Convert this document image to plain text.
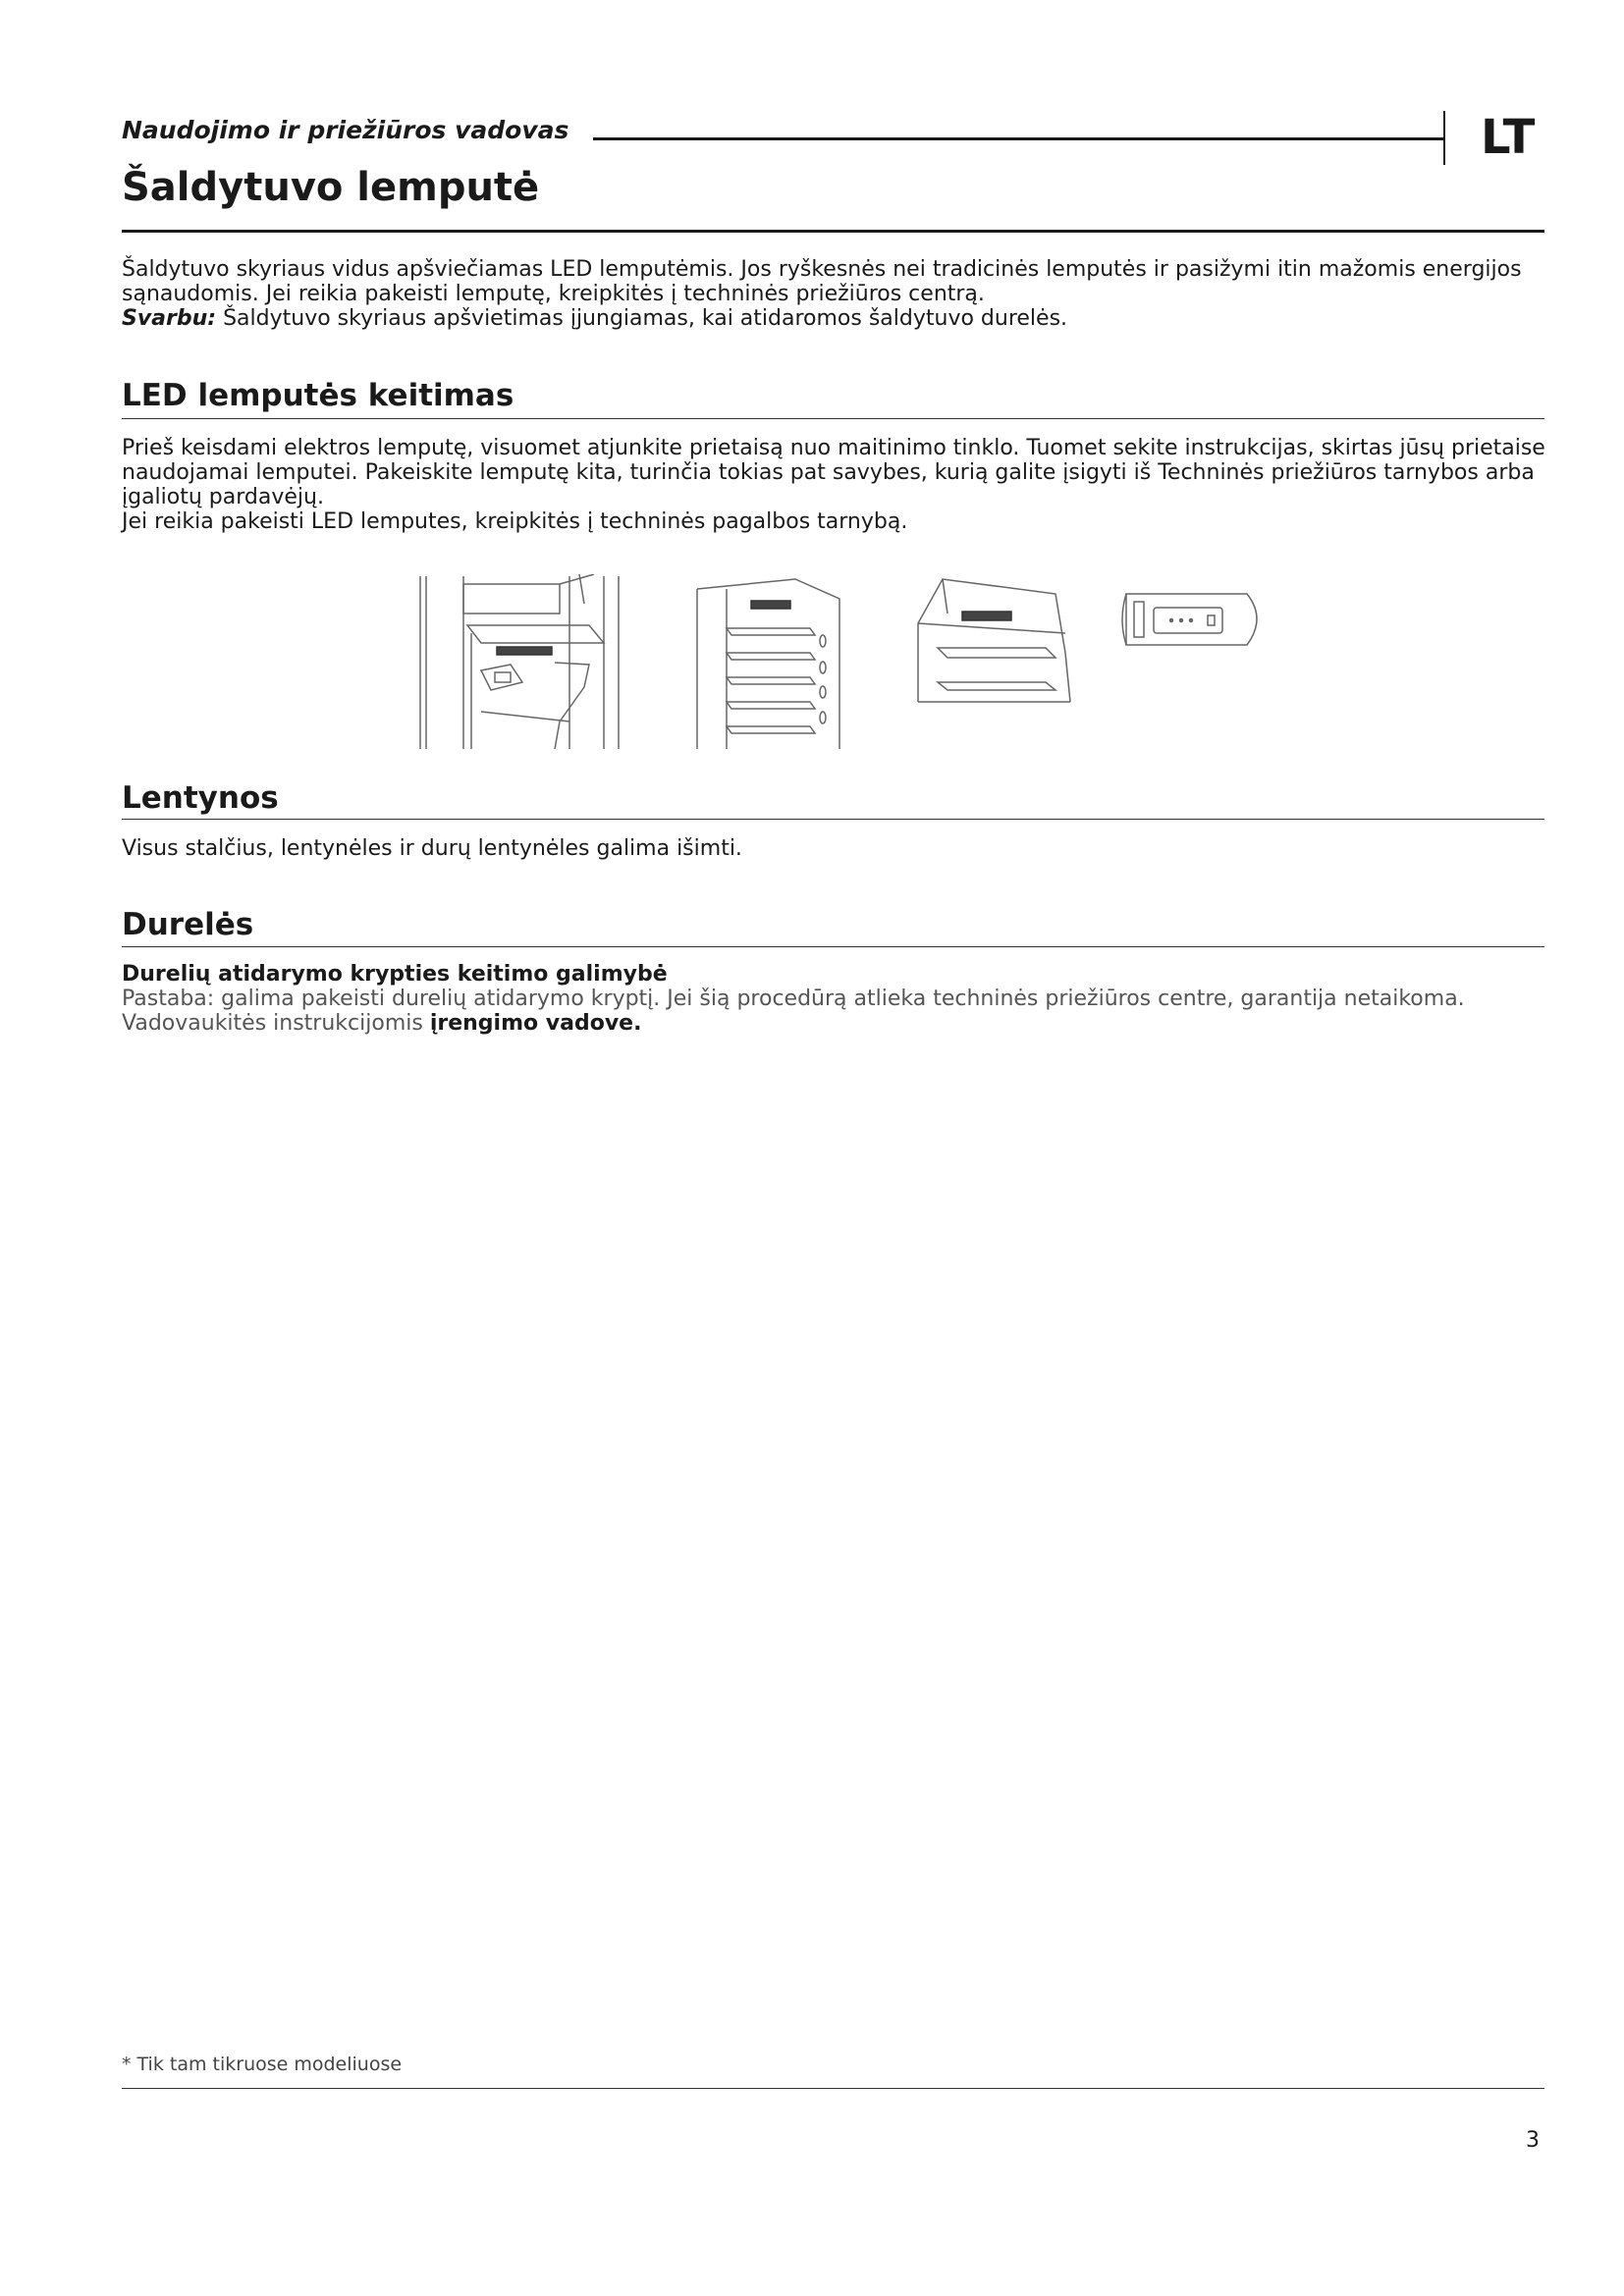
Naudojimo ir priežiūros vadovas	LT
Šaldytuvo lemputė

Šaldytuvo skyriaus vidus apšviečiamas LED lemputėmis. Jos ryškesnės nei tradicinės lemputės ir pasižymi itin mažomis energijos sąnaudomis. Jei reikia pakeisti lemputę, kreipkitės į techninės priežiūros centrą.

Svarbu: Šaldytuvo skyriaus apšvietimas įjungiamas, kai atidaromos šaldytuvo durelės.

LED lemputės keitimas

Prieš keisdami elektros lemputę, visuomet atjunkite prietaisą nuo maitinimo tinklo. Tuomet sekite instrukcijas, skirtas jūsų prietaise naudojamai lemputei. Pakeiskite lemputę kita, turinčia tokias pat savybes, kurią galite įsigyti iš Techninės priežiūros tarnybos arba įgaliotų pardavėjų.

Jei reikia pakeisti LED lemputes, kreipkitės į techninės pagalbos tarnybą.

Lentynos

Visus stalčius, lentynėles ir durų lentynėles galima išimti.

Durelės

Durelių atidarymo krypties keitimo galimybė

Pastaba: galima pakeisti durelių atidarymo kryptį. Jei šią procedūrą atlieka techninės priežiūros centre, garantija netaikoma.

Vadovaukitės instrukcijomis įrengimo vadove.

* Tik tam tikruose modeliuose
3
